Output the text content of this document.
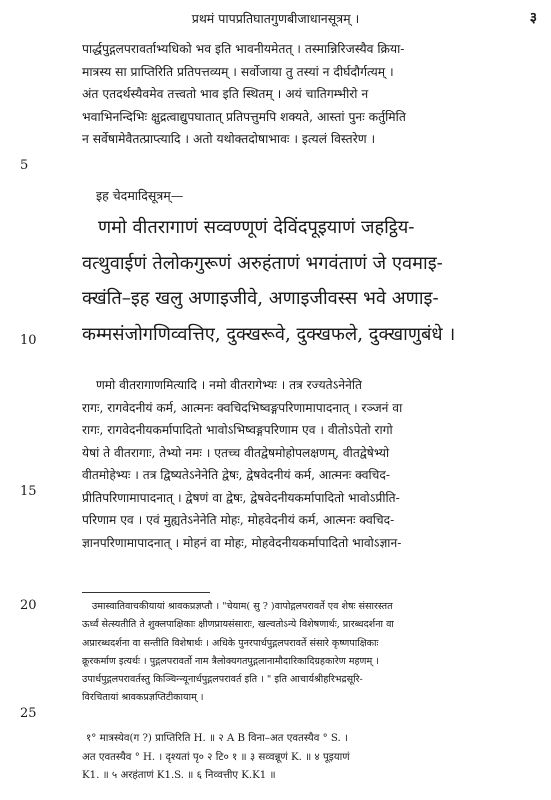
प्रथमं पापप्रतिघातगुणबीजाधानसूत्रम् ।	३
5
10
15
20
25
पार्द्धपुद्गलपरावर्ताभ्यधिको भव इति भावनीयमेतत् । तस्मान्निरिजस्यैव क्रिया-
मात्रस्य सा प्राप्तिरिति प्रतिपत्तव्यम् । सर्वोजाया तु तस्यां न दीर्घदौर्गत्यम् ।
अंत एतदर्थस्यैवमेव तत्त्वतो भाव इति स्थितम् । अयं चातिगम्भीरो न
भवाभिनन्दिभिः क्षुद्रत्वाद्युपघातात् प्रतिपत्तुमपि शक्यते, आस्तां पुनः कर्तुमिति
न सर्वेषामेवैतत्प्राप्त्यादि । अतो यथोक्तदोषाभावः । इत्यलं विस्तरेण ।
इह चेदमादिसूत्रम्—
णमो वीतरागाणं सव्वण्णूणं देविंदपूइयाणं जहट्ठिय-
वत्थुवाईणं तेलोकगुरूणं अरुहंताणं भगवंताणं जे एवमाइ-
क्खंति–इह खलु अणाइजीवे, अणाइजीवस्स भवे अणाइ-
कम्मसंजोगणिव्वत्तिए, दुक्खरूवे, दुक्खफले, दुक्खाणुबंधे ।
णमो वीतरागाणमित्यादि । नमो वीतरागेभ्यः । तत्र रज्यतेऽनेनेति
रागः, रागवेदनीयं कर्म, आत्मनः क्वचिदभिष्वङ्गपरिणामापादनात् । रञ्जनं वा
रागः, रागवेदनीयकर्मापादितो भावोऽभिष्वङ्गपरिणाम एव । वीतोऽपेतो रागो
येषां ते वीतरागाः, तेभ्यो नमः । एतच्च वीतद्वेषमोहोपलक्षणम्, वीतद्वेषेभ्यो
वीतमोहेभ्यः । तत्र द्विष्यतेऽनेनेति द्वेषः, द्वेषवेदनीयं कर्म, आत्मनः क्वचिद-
प्रीतिपरिणामापादनात् । द्वेषणं वा द्वेषः, द्वेषवेदनीयकर्मापादितो भावोऽप्रीति-
परिणाम एव । एवं मुह्यतेऽनेनेति मोहः, मोहवेदनीयं कर्म, आत्मनः क्वचिद-
ज्ञानपरिणामापादनात् । मोहनं वा मोहः, मोहवेदनीयकर्मापादितो भावोऽज्ञान-
उमास्वातिवाचकीयायां श्रावकप्रज्ञप्तौ । "चेयाम( सु ? )वापोद्गलपरावर्ते एव शेषः संसारस्तत
ऊर्ध्वं सेत्स्यतीति ते शुक्लपाक्षिकाः क्षीणप्रायसंसाराः, खल्वतोऽन्ये विशेषणार्थः, प्रारब्धदर्शना वा
अप्रारब्धदर्शना वा सन्तीति विशेषार्थः । अधिके पुनरपार्धपुद्गलपरावर्ते संसारे कृष्णपाक्षिकाः
क्रूरकर्माण इत्यर्थः । पुद्गलपरावर्तो नाम त्रैलोक्यगतपुद्गलानामौदारिकादिग्रहकारेण महणम् ।
उपार्धपुद्गलपरावर्तस्तु किञ्चिन्न्यूनार्धपुद्गलपरावर्त इति । " इति आचार्यश्रीहरिभद्रसूरि-
विरचितायां श्रावकप्रज्ञप्तिटीकायाम् ।
१° मात्रस्येव(ग ?) प्राप्तिरिति H. ॥ २ A B विना–अत एवतस्यैव ° S. ।
अत एवतस्यैव ° H. । दृश्यतां पृ० २ टि० १ ॥ ३ सव्वन्नूणं K. ॥ ४ पूइयाणं
K1. ॥ ५ अरहंताणं K1.S. ॥ ६ निव्वत्तीए K.K1 ॥
